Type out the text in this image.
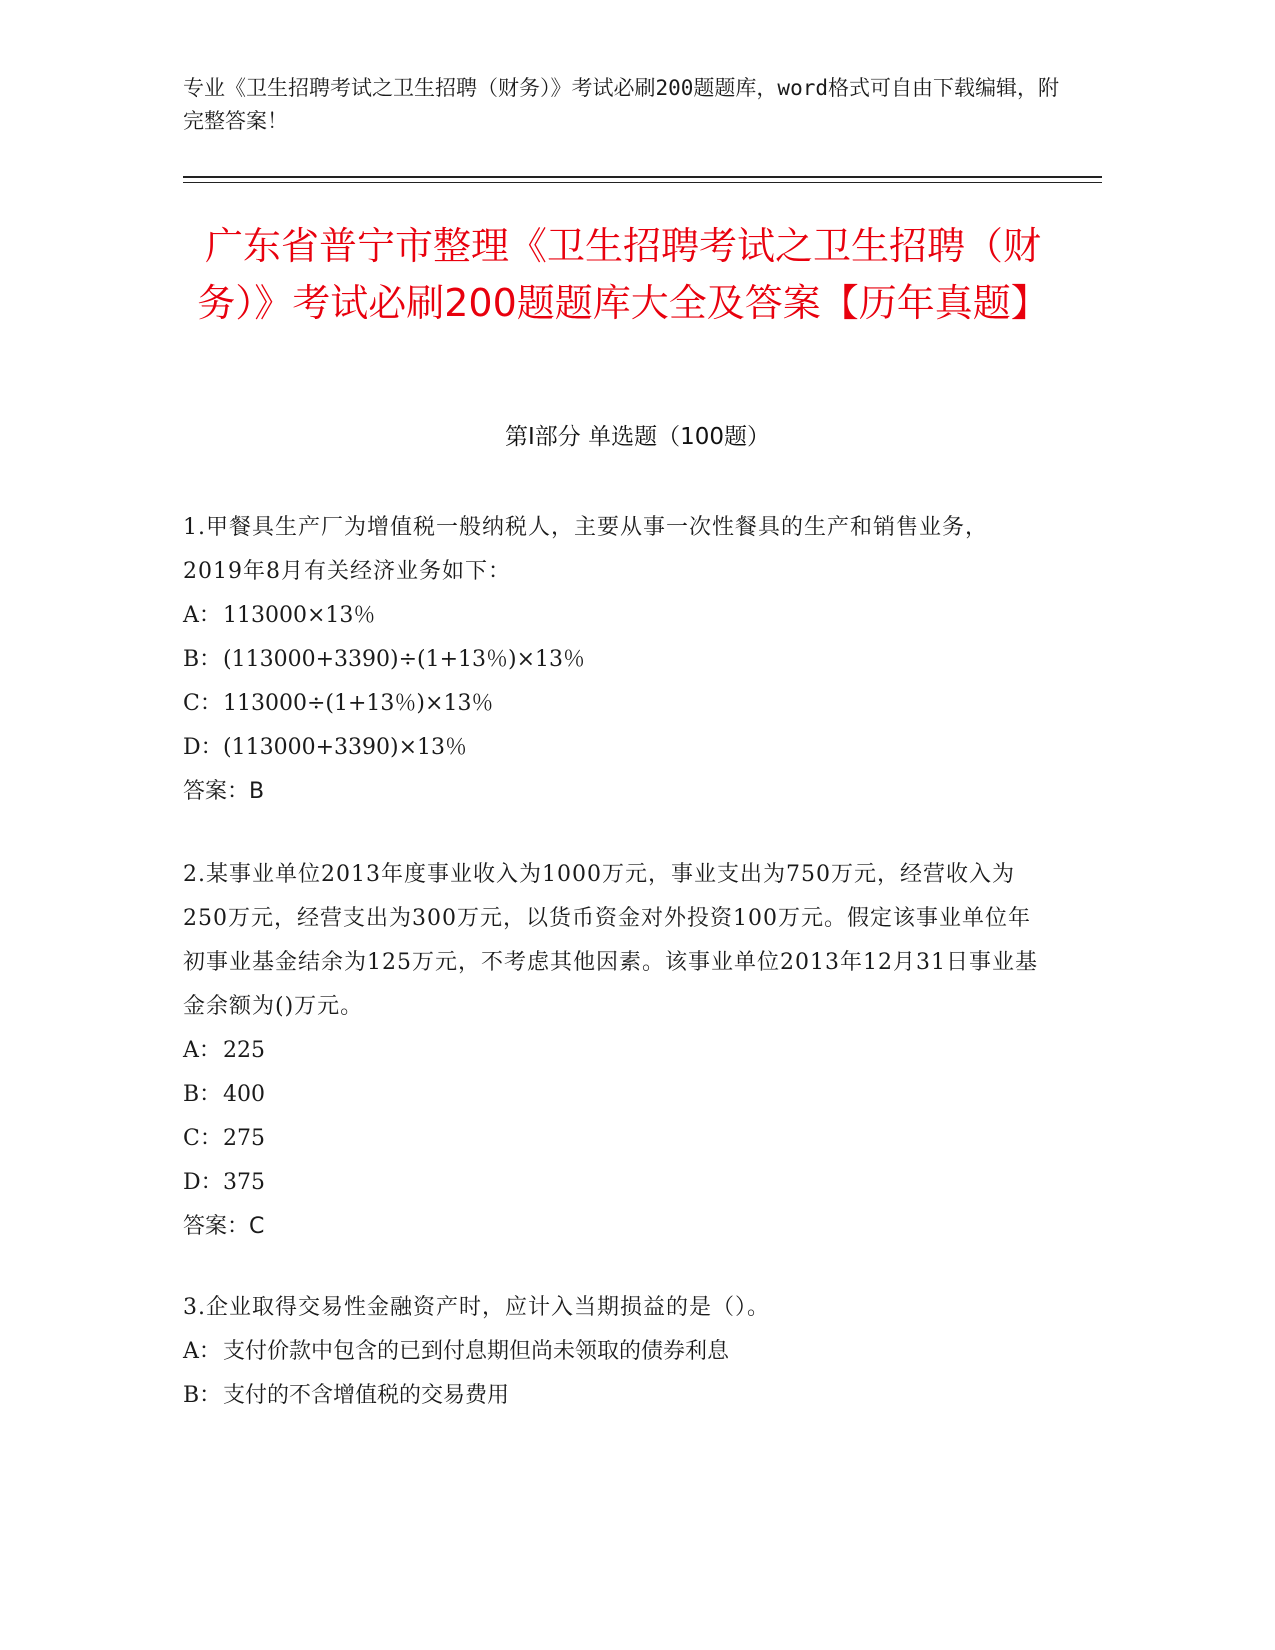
专业《卫生招聘考试之卫生招聘（财务）》考试必刷200题题库，word格式可自由下载编辑，附完整答案！
广东省普宁市整理《卫生招聘考试之卫生招聘（财务）》考试必刷200题题库大全及答案【历年真题】
第I部分 单选题（100题）
1.甲餐具生产厂为增值税一般纳税人，主要从事一次性餐具的生产和销售业务，2019年8月有关经济业务如下：
A：113000×13％
B：(113000+3390)÷(1+13％)×13％
C：113000÷(1+13％)×13％
D：(113000+3390)×13％
答案：B
2.某事业单位2013年度事业收入为1000万元，事业支出为750万元，经营收入为250万元，经营支出为300万元，以货币资金对外投资100万元。假定该事业单位年初事业基金结余为125万元，不考虑其他因素。该事业单位2013年12月31日事业基金余额为()万元。
A：225
B：400
C：275
D：375
答案：C
3.企业取得交易性金融资产时，应计入当期损益的是（）。
A：支付价款中包含的已到付息期但尚未领取的债券利息
B：支付的不含增值税的交易费用
